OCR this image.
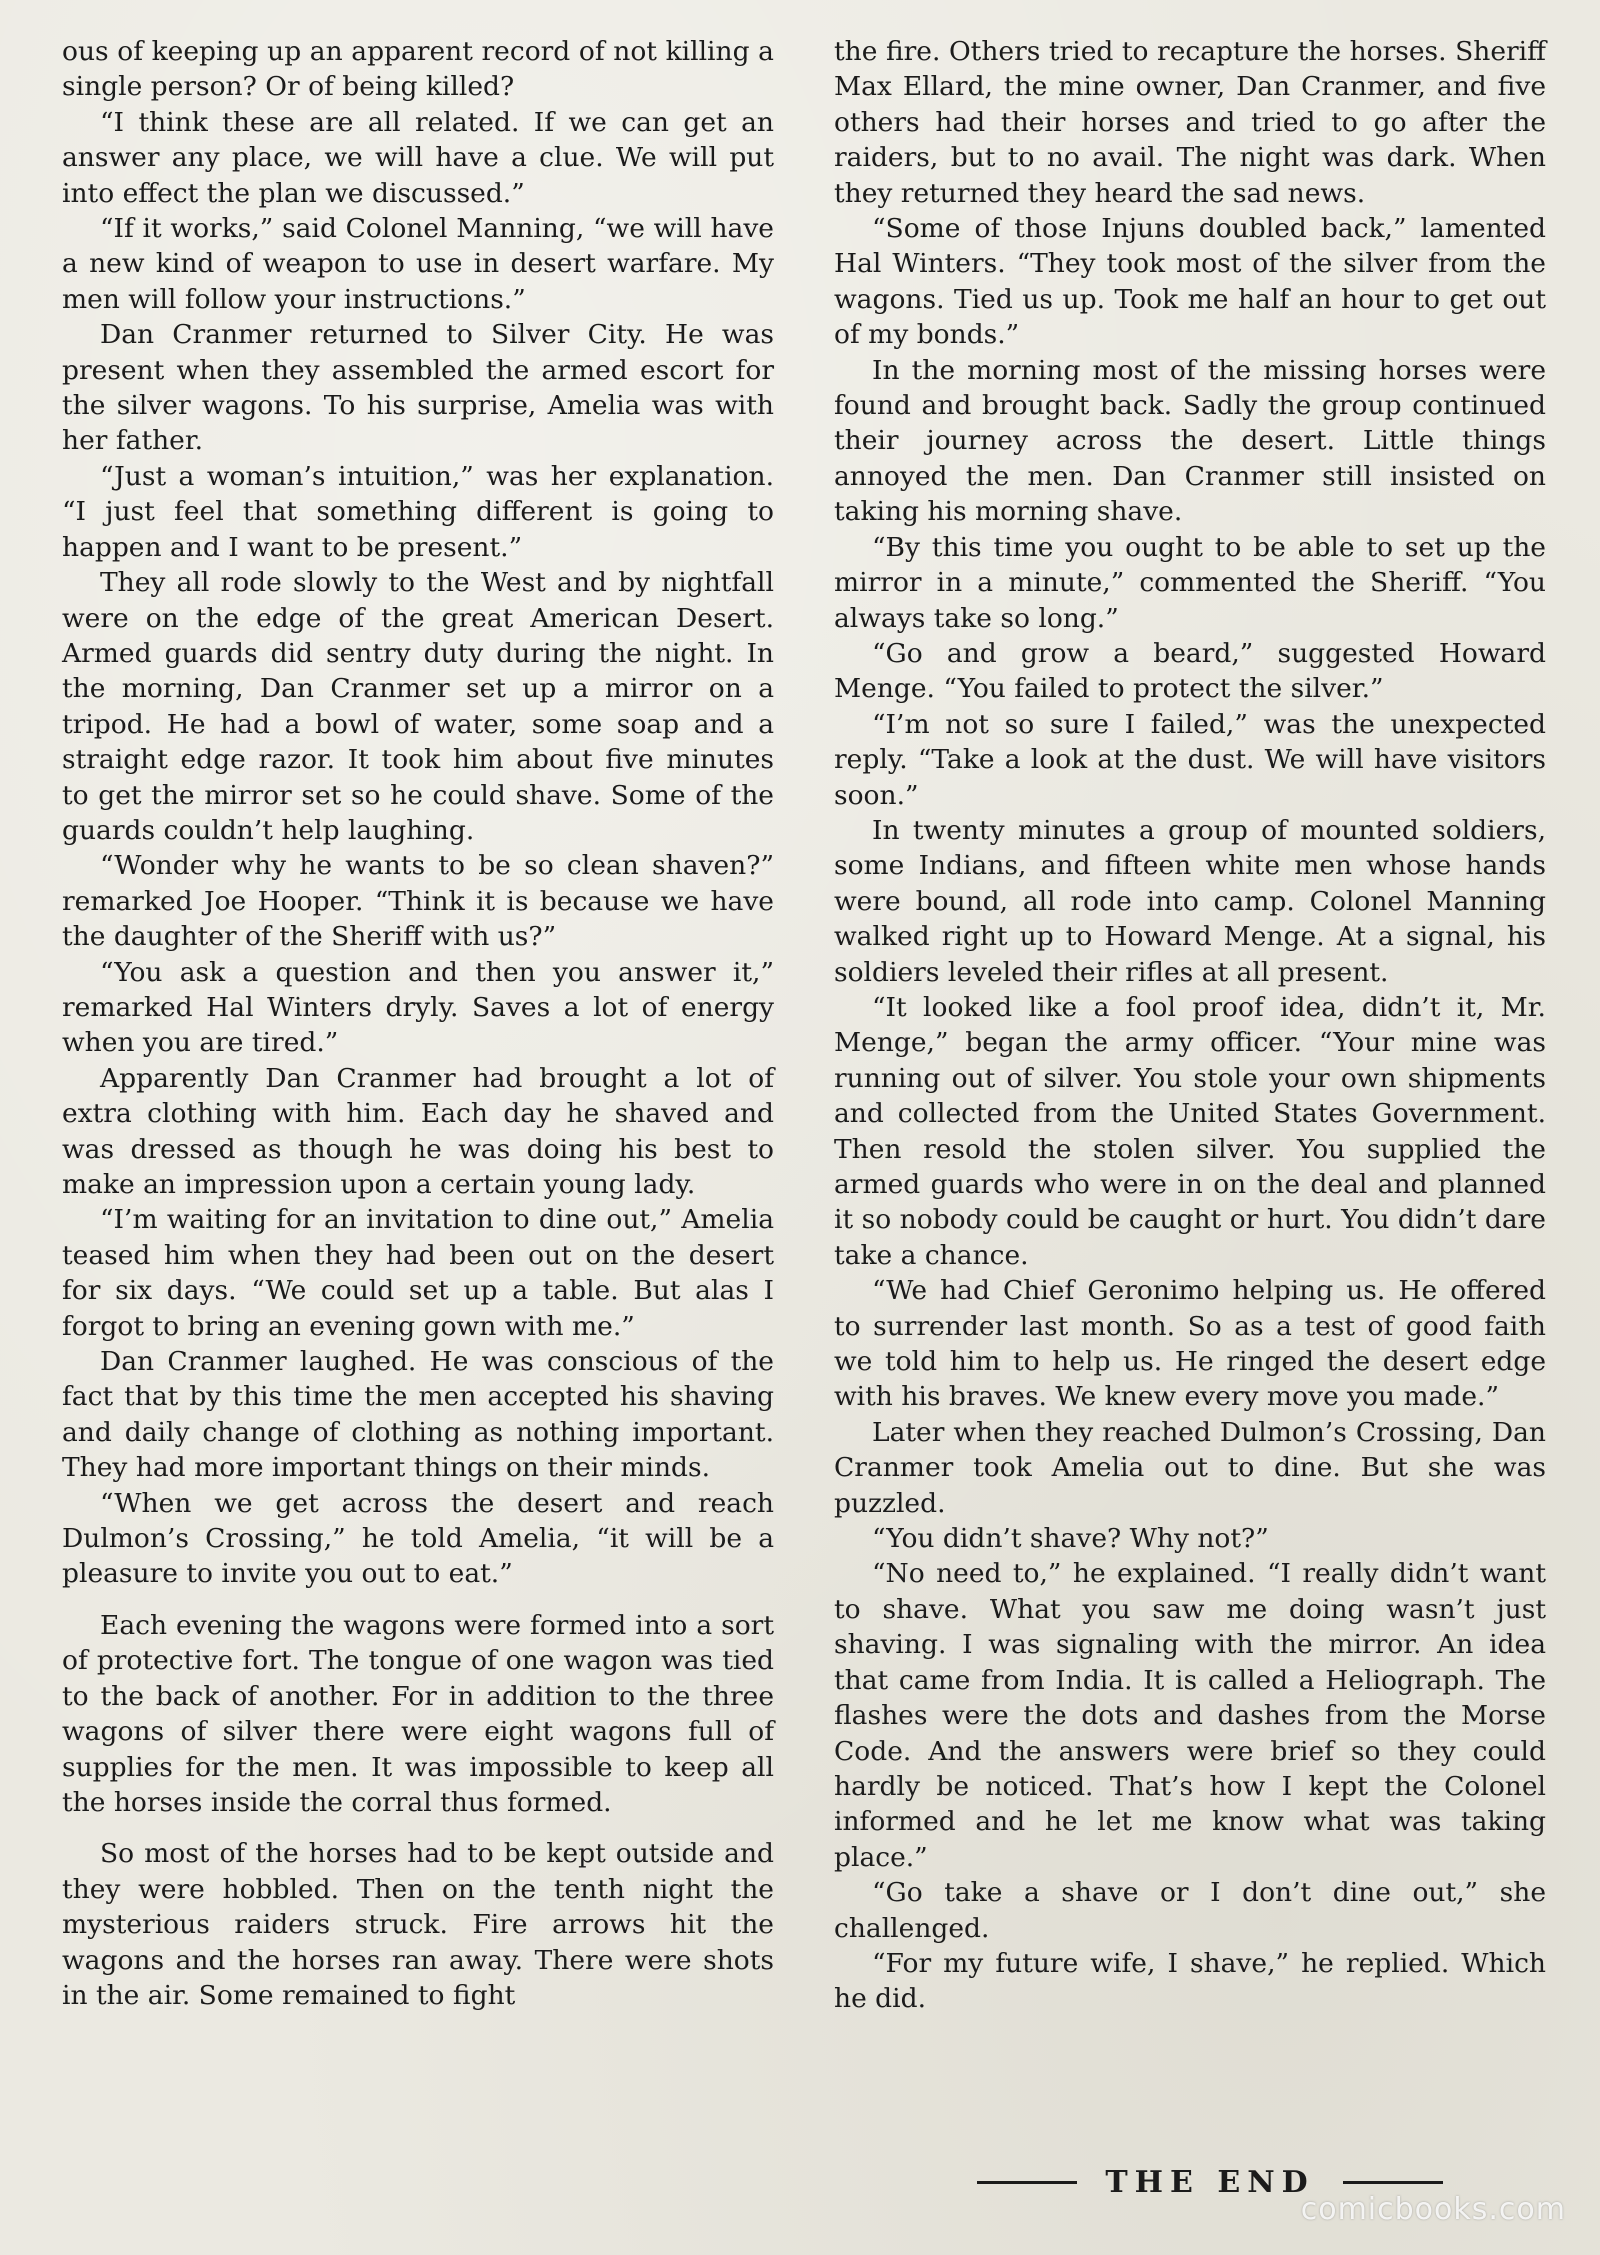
ous of keeping up an apparent record of not killing a single person? Or of being killed?

“I think these are all related. If we can get an answer any place, we will have a clue. We will put into effect the plan we discussed.”

“If it works,” said Colonel Manning, “we will have a new kind of weapon to use in desert warfare. My men will follow your instructions.”

Dan Cranmer returned to Silver City. He was present when they assembled the armed escort for the silver wagons. To his surprise, Amelia was with her father.

“Just a woman’s intuition,” was her explanation. “I just feel that something different is going to happen and I want to be present.”

They all rode slowly to the West and by nightfall were on the edge of the great American Desert. Armed guards did sentry duty during the night. In the morning, Dan Cranmer set up a mirror on a tripod. He had a bowl of water, some soap and a straight edge razor. It took him about five minutes to get the mirror set so he could shave. Some of the guards couldn’t help laughing.

“Wonder why he wants to be so clean shaven?” remarked Joe Hooper. “Think it is because we have the daughter of the Sheriff with us?”

“You ask a question and then you answer it,” remarked Hal Winters dryly. Saves a lot of energy when you are tired.”

Apparently Dan Cranmer had brought a lot of extra clothing with him. Each day he shaved and was dressed as though he was doing his best to make an impression upon a certain young lady.

“I’m waiting for an invitation to dine out,” Amelia teased him when they had been out on the desert for six days. “We could set up a table. But alas I forgot to bring an evening gown with me.”

Dan Cranmer laughed. He was conscious of the fact that by this time the men accepted his shaving and daily change of clothing as nothing important. They had more important things on their minds.

“When we get across the desert and reach Dulmon’s Crossing,” he told Amelia, “it will be a pleasure to invite you out to eat.”

Each evening the wagons were formed into a sort of protective fort. The tongue of one wagon was tied to the back of another. For in addition to the three wagons of silver there were eight wagons full of supplies for the men. It was impossible to keep all the horses inside the corral thus formed.

So most of the horses had to be kept outside and they were hobbled. Then on the tenth night the mysterious raiders struck. Fire arrows hit the wagons and the horses ran away. There were shots in the air. Some remained to fight

the fire. Others tried to recapture the horses. Sheriff Max Ellard, the mine owner, Dan Cranmer, and five others had their horses and tried to go after the raiders, but to no avail. The night was dark. When they returned they heard the sad news.

“Some of those Injuns doubled back,” lamented Hal Winters. “They took most of the silver from the wagons. Tied us up. Took me half an hour to get out of my bonds.”

In the morning most of the missing horses were found and brought back. Sadly the group continued their journey across the desert. Little things annoyed the men. Dan Cranmer still insisted on taking his morning shave.

“By this time you ought to be able to set up the mirror in a minute,” commented the Sheriff. “You always take so long.”

“Go and grow a beard,” suggested Howard Menge. “You failed to protect the silver.”

“I’m not so sure I failed,” was the unexpected reply. “Take a look at the dust. We will have visitors soon.”

In twenty minutes a group of mounted soldiers, some Indians, and fifteen white men whose hands were bound, all rode into camp. Colonel Manning walked right up to Howard Menge. At a signal, his soldiers leveled their rifles at all present.

“It looked like a fool proof idea, didn’t it, Mr. Menge,” began the army officer. “Your mine was running out of silver. You stole your own shipments and collected from the United States Government. Then resold the stolen silver. You supplied the armed guards who were in on the deal and planned it so nobody could be caught or hurt. You didn’t dare take a chance.

“We had Chief Geronimo helping us. He offered to surrender last month. So as a test of good faith we told him to help us. He ringed the desert edge with his braves. We knew every move you made.”

Later when they reached Dulmon’s Crossing, Dan Cranmer took Amelia out to dine. But she was puzzled.

“You didn’t shave? Why not?”

“No need to,” he explained. “I really didn’t want to shave. What you saw me doing wasn’t just shaving. I was signaling with the mirror. An idea that came from India. It is called a Heliograph. The flashes were the dots and dashes from the Morse Code. And the answers were brief so they could hardly be noticed. That’s how I kept the Colonel informed and he let me know what was taking place.”

“Go take a shave or I don’t dine out,” she challenged.

“For my future wife, I shave,” he replied. Which he did.

THE END
comicbooks.com
